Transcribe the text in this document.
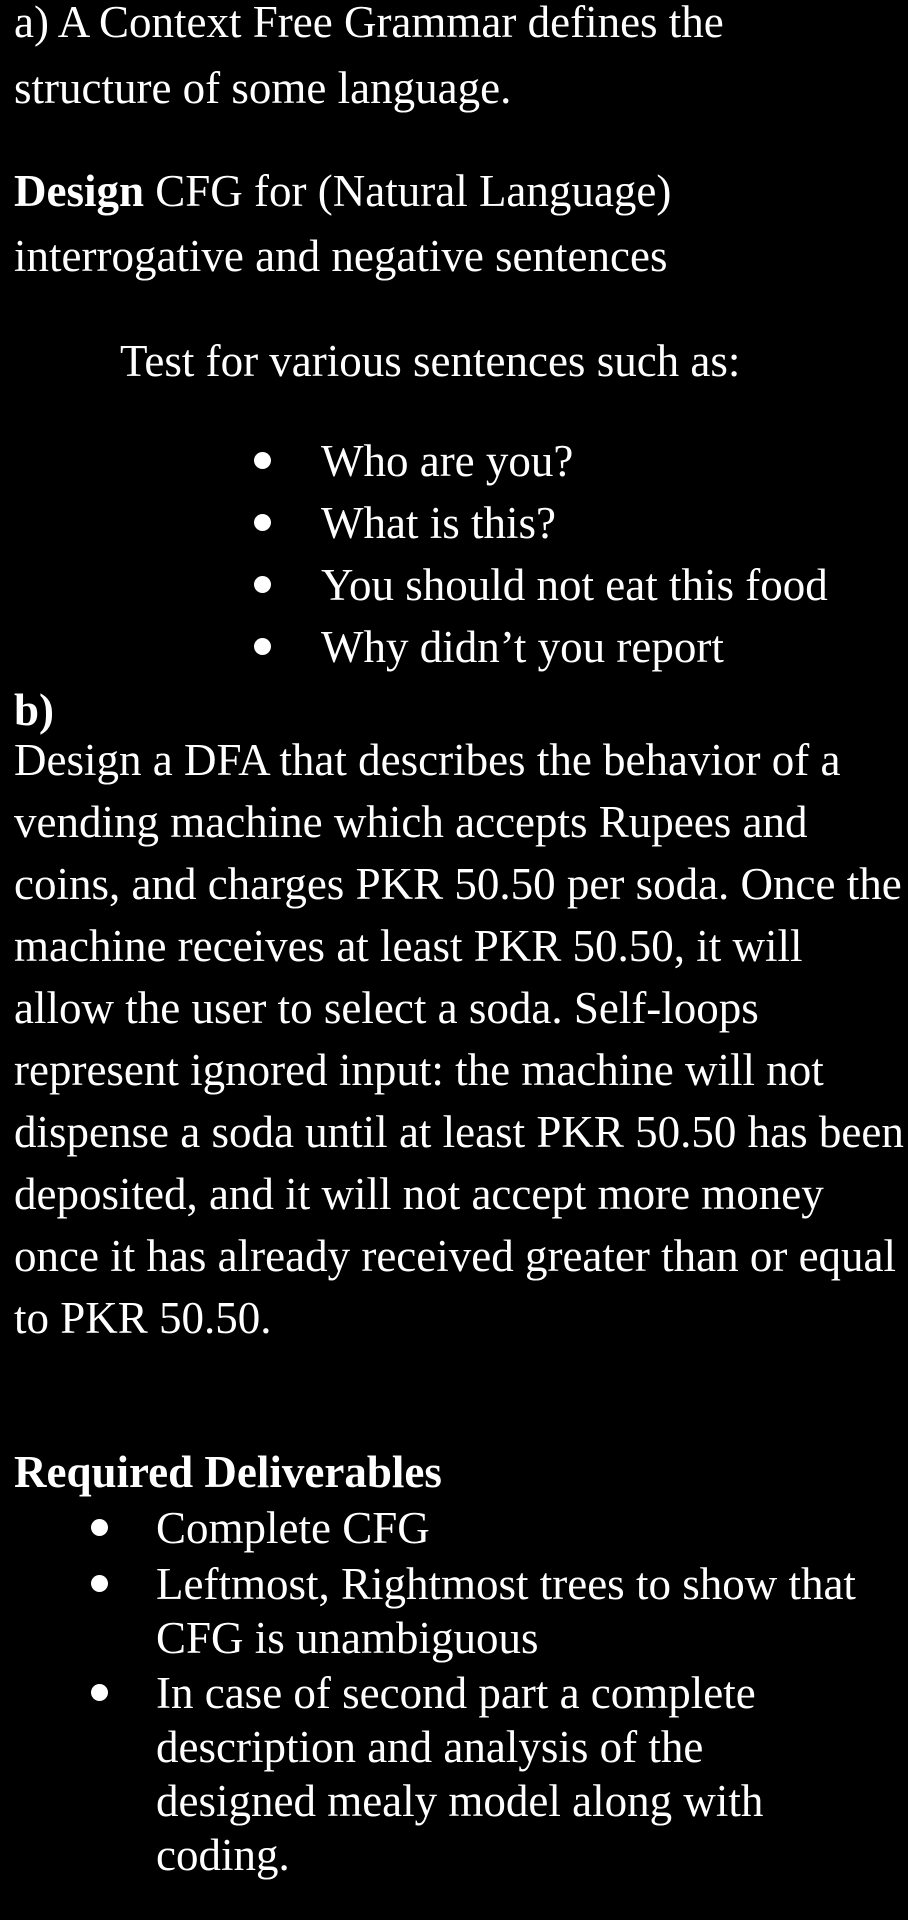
a) A Context Free Grammar defines the
structure of some language.
Design CFG for (Natural Language)
interrogative and negative sentences
Test for various sentences such as:
Who are you?
What is this?
You should not eat this food
Why didn’t you report
b)
Design a DFA that describes the behavior of a vending machine which accepts Rupees and coins, and charges PKR 50.50 per soda. Once the machine receives at least PKR 50.50, it will allow the user to select a soda. Self-loops represent ignored input: the machine will not dispense a soda until at least PKR 50.50 has been deposited, and it will not accept more money once it has already received greater than or equal to PKR 50.50.
Required Deliverables
Complete CFG
Leftmost, Rightmost trees to show that CFG is unambiguous
In case of second part a complete description and analysis of the designed mealy model along with coding.
